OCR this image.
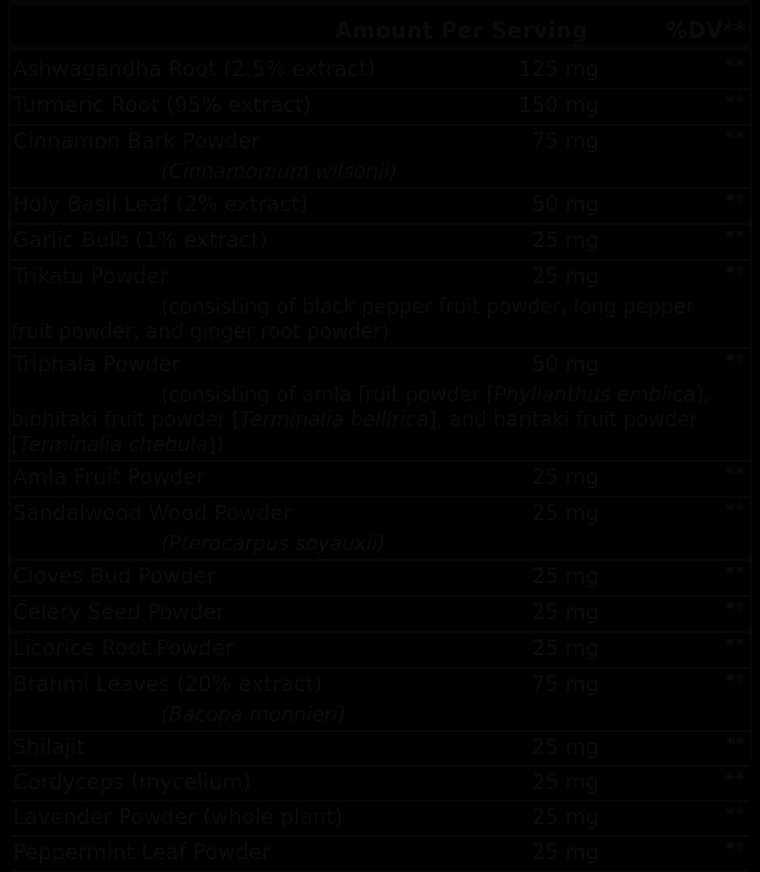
Amount Per Serving	%DV**
Ashwagandha Root (2.5% extract)	125 mg	**
Turmeric Root (95% extract)	150 mg	**
Cinnamon Bark Powder	75 mg	**
(Cinnamomum wilsonii)
Holy Basil Leaf (2% extract)	50 mg	**
Garlic Bulb (1% extract)	25 mg	**
Trikatu Powder	25 mg	**
(consisting of black pepper fruit powder, long pepper
fruit powder, and ginger root powder)
Triphala Powder	50 mg	**
(consisting of amla fruit powder [Phyllanthus emblica], bibhitaki fruit powder [Terminalia bellirica], and haritaki fruit powder [Terminalia chebula])
Amla Fruit Powder	25 mg	**
Sandalwood Wood Powder	25 mg	**
(Pterocarpus soyauxii)
Cloves Bud Powder	25 mg	**
Celery Seed Powder	25 mg	**
Licorice Root Powder	25 mg	**
Brahmi Leaves (20% extract)	75 mg	**
(Bacopa monnieri)
Shilajit	25 mg	**
Cordyceps (mycelium)	25 mg	**
Lavender Powder (whole plant)	25 mg	**
Peppermint Leaf Powder	25 mg	**
